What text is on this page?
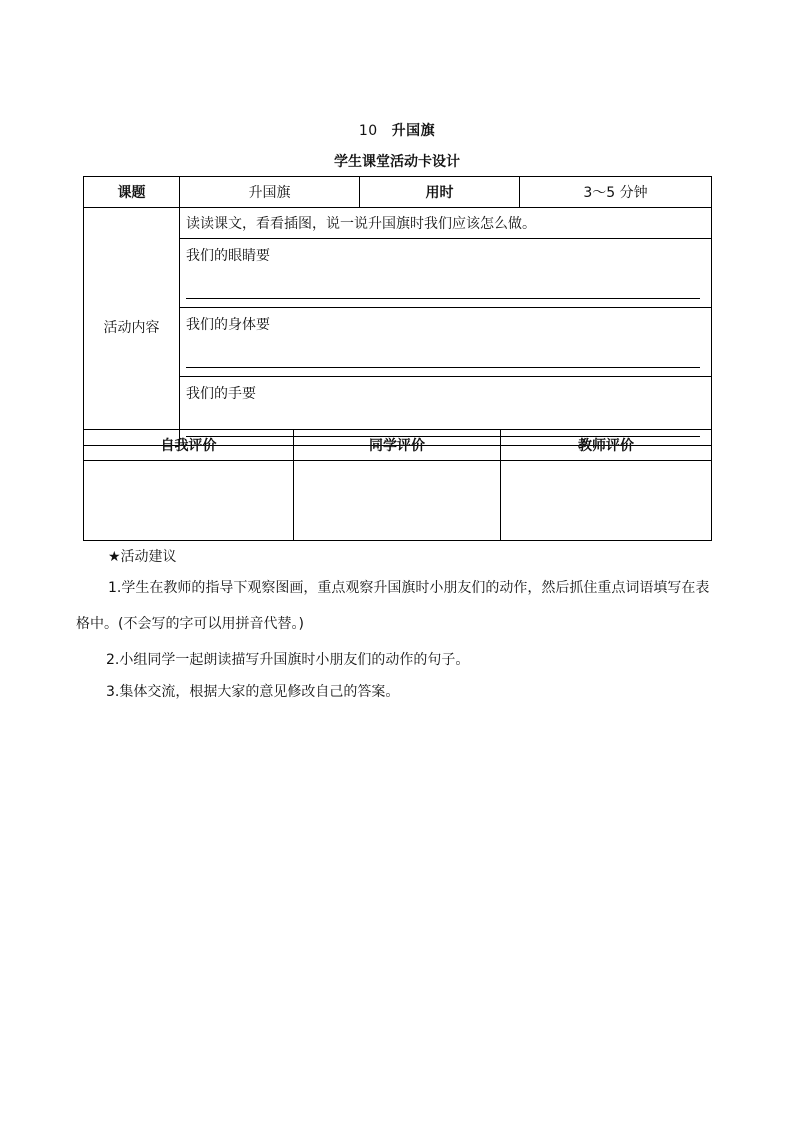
10 升国旗
学生课堂活动卡设计
课题	升国旗	用时	3～5 分钟
活动内容	读读课文，看看插图，说一说升国旗时我们应该怎么做。		
	我们的眼睛要		

	我们的身体要		

	我们的手要		
自我评价	同学评价	教师评价

★活动建议

1.学生在教师的指导下观察图画，重点观察升国旗时小朋友们的动作，然后抓住重点词语填写在表格中。(不会写的字可以用拼音代替。)

2.小组同学一起朗读描写升国旗时小朋友们的动作的句子。

3.集体交流，根据大家的意见修改自己的答案。
